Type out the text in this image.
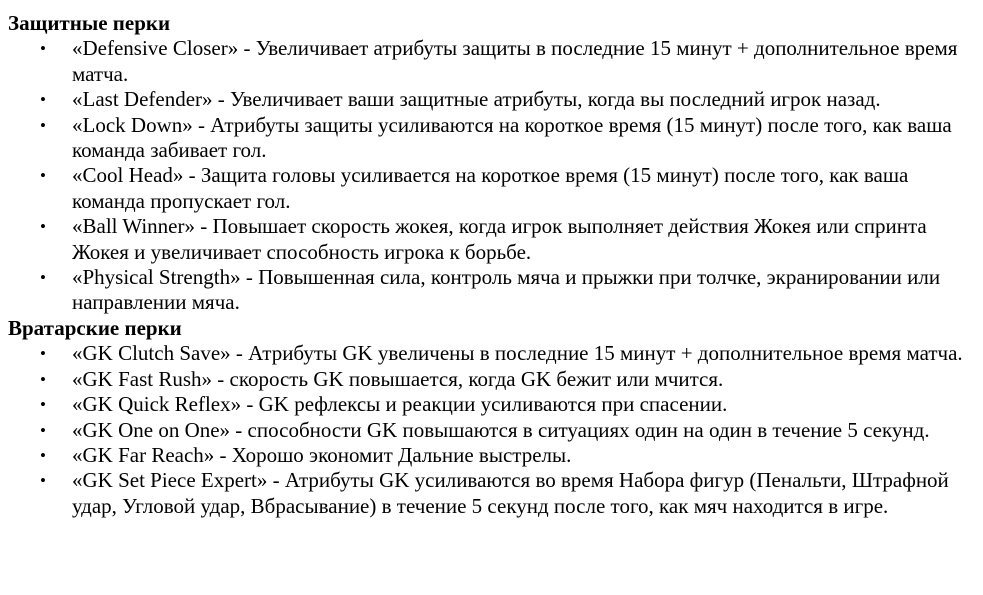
Защитные перки
• «Defensive Closer» - Увеличивает атрибуты защиты в последние 15 минут + дополнительное время матча.
• «Last Defender» - Увеличивает ваши защитные атрибуты, когда вы последний игрок назад.
• «Lock Down» - Атрибуты защиты усиливаются на короткое время (15 минут) после того, как ваша команда забивает гол.
• «Cool Head» - Защита головы усиливается на короткое время (15 минут) после того, как ваша команда пропускает гол.
• «Ball Winner» - Повышает скорость жокея, когда игрок выполняет действия Жокея или спринта Жокея и увеличивает способность игрока к борьбе.
• «Physical Strength» - Повышенная сила, контроль мяча и прыжки при толчке, экранировании или направлении мяча.
Вратарские перки
• «GK Clutch Save» - Атрибуты GK увеличены в последние 15 минут + дополнительное время матча.
• «GK Fast Rush» - скорость GK повышается, когда GK бежит или мчится.
• «GK Quick Reflex» - GK рефлексы и реакции усиливаются при спасении.
• «GK One on One» - способности GK повышаются в ситуациях один на один в течение 5 секунд.
• «GK Far Reach» - Хорошо экономит Дальние выстрелы.
• «GK Set Piece Expert» - Атрибуты GK усиливаются во время Набора фигур (Пенальти, Штрафной удар, Угловой удар, Вбрасывание) в течение 5 секунд после того, как мяч находится в игре.
